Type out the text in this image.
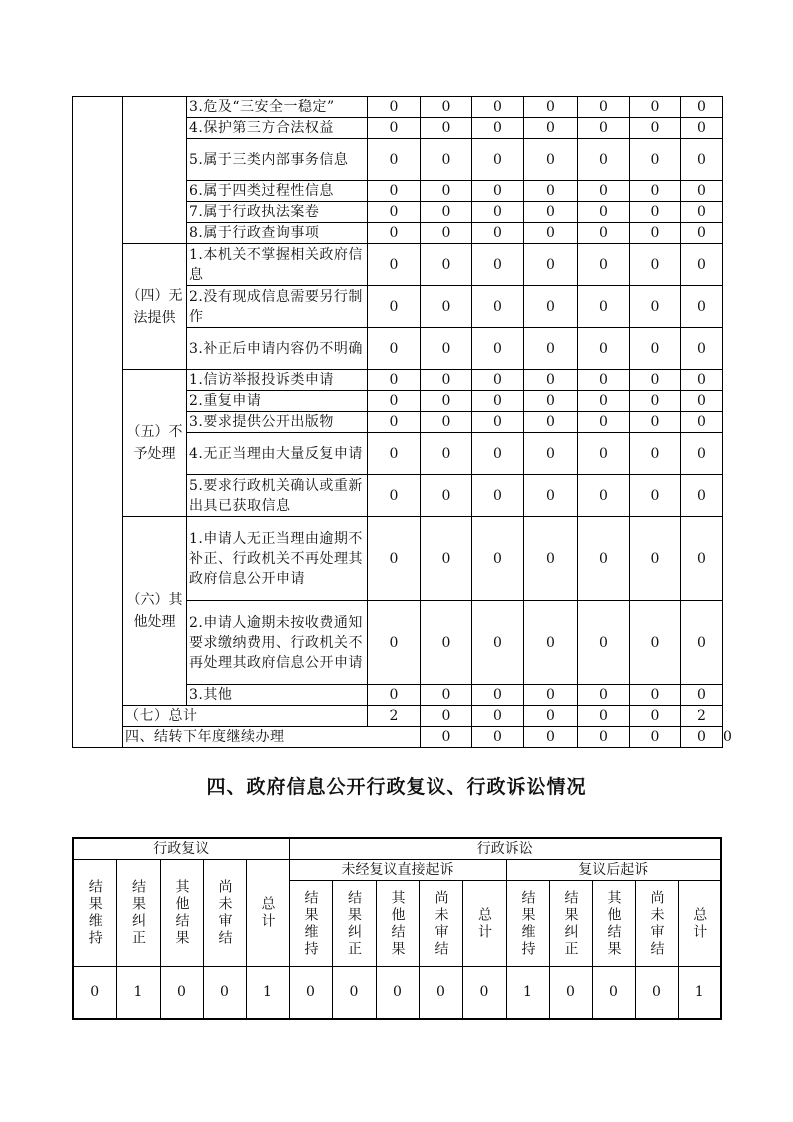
		3.危及“三安全一稳定”	0	0	0	0	0	0	0	
		4.保护第三方合法权益	0	0	0	0	0	0	0	
		5.属于三类内部事务信息	0	0	0	0	0	0	0	
		6.属于四类过程性信息	0	0	0	0	0	0	0	
		7.属于行政执法案卷	0	0	0	0	0	0	0	
		8.属于行政查询事项	0	0	0	0	0	0	0	
	（四）无法提供	1.本机关不掌握相关政府信息	0	0	0	0	0	0	0	
		2.没有现成信息需要另行制作	0	0	0	0	0	0	0	
		3.补正后申请内容仍不明确	0	0	0	0	0	0	0	
	（五）不予处理	1.信访举报投诉类申请	0	0	0	0	0	0	0	
		2.重复申请	0	0	0	0	0	0	0	
		3.要求提供公开出版物	0	0	0	0	0	0	0	
		4.无正当理由大量反复申请	0	0	0	0	0	0	0	
		5.要求行政机关确认或重新出具已获取信息	0	0	0	0	0	0	0	
	（六）其他处理	1.申请人无正当理由逾期不补正、行政机关不再处理其政府信息公开申请	0	0	0	0	0	0	0	
		2.申请人逾期未按收费通知要求缴纳费用、行政机关不再处理其政府信息公开申请	0	0	0	0	0	0	0	
		3.其他	0	0	0	0	0	0	0	
	（七）总计		2	0	0	0	0	0	2	
	四、结转下年度继续办理			0	0	0	0	0	0	0
四、政府信息公开行政复议、行政诉讼情况
行政复议					行政诉讼									
结果维持	结果纠正	其他结果	尚未审结	总计	未经复议直接起诉					复议后起诉				
					结果维持	结果纠正	其他结果	尚未审结	总计	结果维持	结果纠正	其他结果	尚未审结	总计
0	1	0	0	1	0	0	0	0	0	1	0	0	0	1
